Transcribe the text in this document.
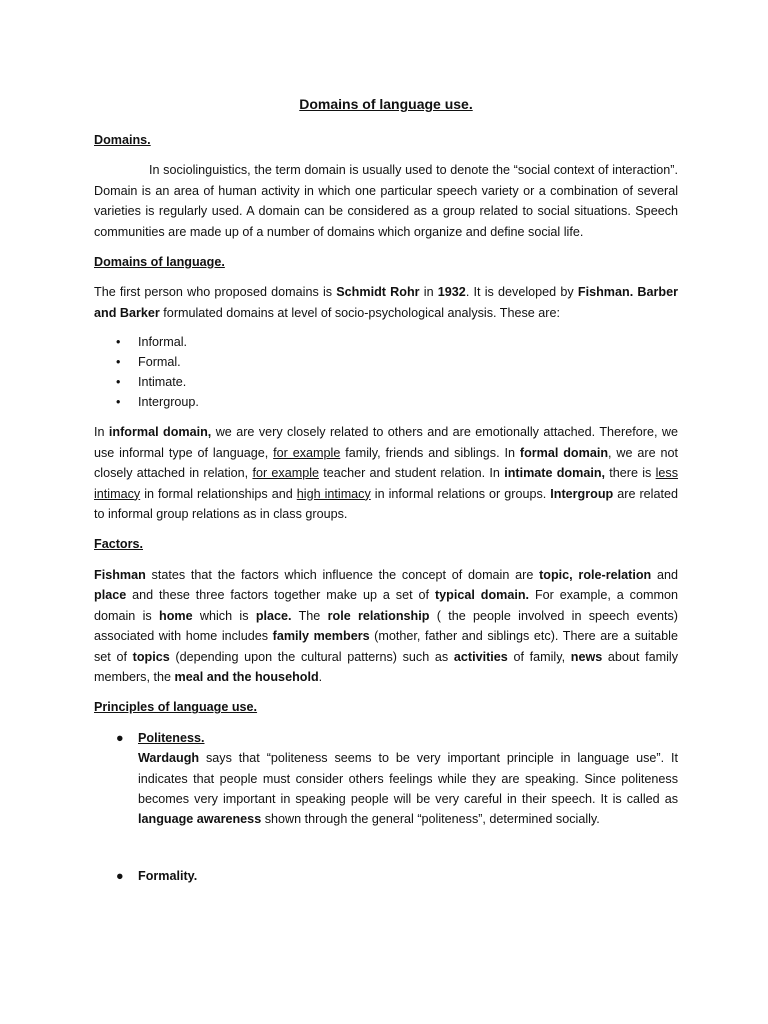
Domains of language use.
Domains.

In sociolinguistics, the term domain is usually used to denote the “social context of interaction”. Domain is an area of human activity in which one particular speech variety or a combination of several varieties is regularly used. A domain can be considered as a group related to social situations. Speech communities are made up of a number of domains which organize and define social life.

Domains of language.

The first person who proposed domains is Schmidt Rohr in 1932. It is developed by Fishman. Barber and Barker formulated domains at level of socio-psychological analysis. These are:

• Informal.
• Formal.
• Intimate.
• Intergroup.

In informal domain, we are very closely related to others and are emotionally attached. Therefore, we use informal type of language, for example family, friends and siblings. In formal domain, we are not closely attached in relation, for example teacher and student relation. In intimate domain, there is less intimacy in formal relationships and high intimacy in informal relations or groups. Intergroup are related to informal group relations as in class groups.

Factors.

Fishman states that the factors which influence the concept of domain are topic, role-relation and place and these three factors together make up a set of typical domain. For example, a common domain is home which is place. The role relationship ( the people involved in speech events) associated with home includes family members (mother, father and siblings etc). There are a suitable set of topics (depending upon the cultural patterns) such as activities of family, news about family members, the meal and the household.

Principles of language use.
● Politeness.

Wardaugh says that “politeness seems to be very important principle in language use”. It indicates that people must consider others feelings while they are speaking. Since politeness becomes very important in speaking people will be very careful in their speech. It is called as language awareness shown through the general “politeness”, determined socially.

● Formality.
